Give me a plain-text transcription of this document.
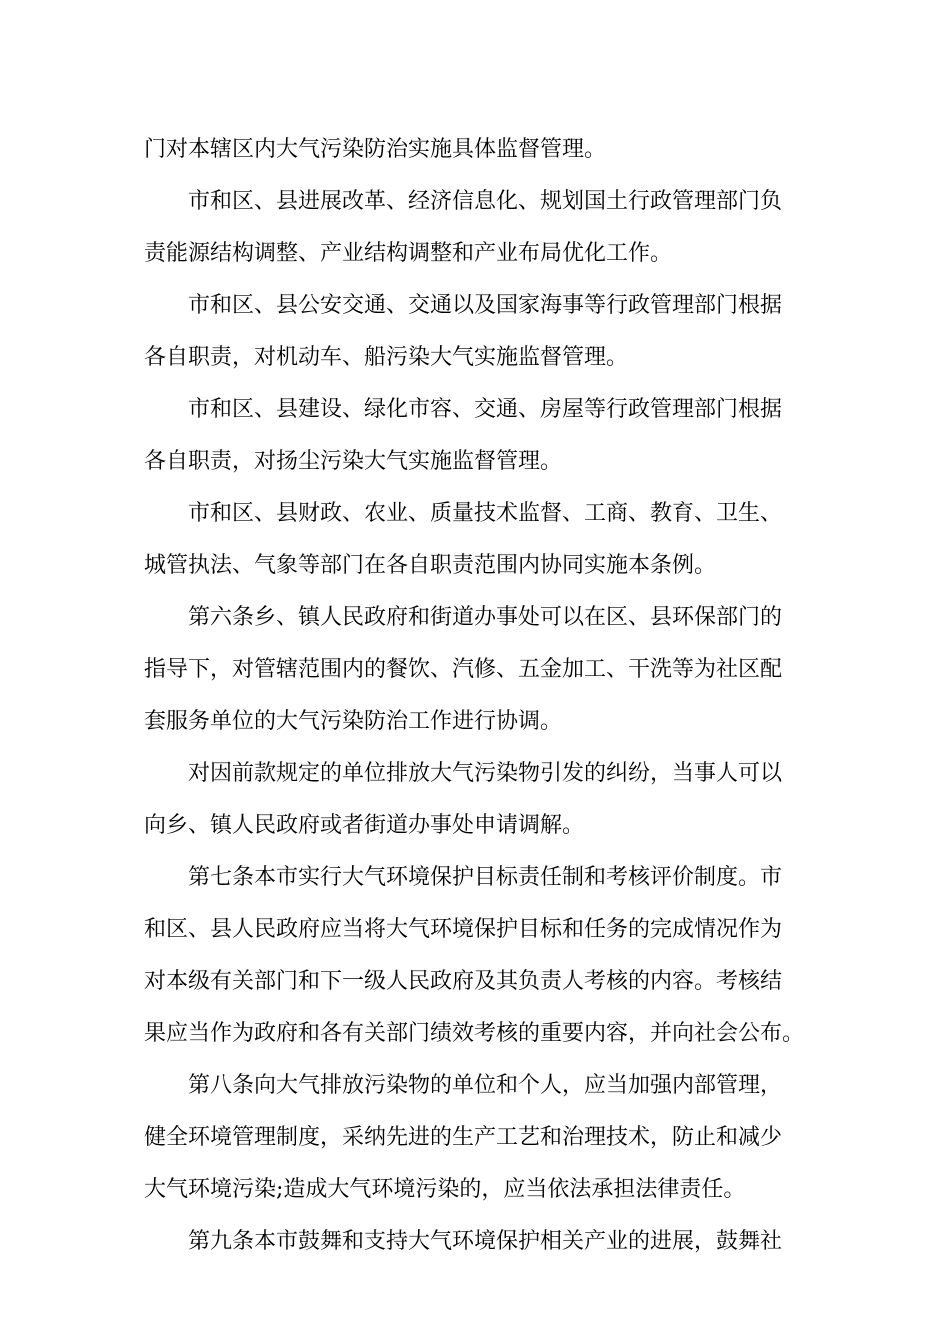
门对本辖区内大气污染防治实施具体监督管理。
市和区、县进展改革、经济信息化、规划国土行政管理部门负
责能源结构调整、产业结构调整和产业布局优化工作。
市和区、县公安交通、交通以及国家海事等行政管理部门根据
各自职责，对机动车、船污染大气实施监督管理。
市和区、县建设、绿化市容、交通、房屋等行政管理部门根据
各自职责，对扬尘污染大气实施监督管理。
市和区、县财政、农业、质量技术监督、工商、教育、卫生、
城管执法、气象等部门在各自职责范围内协同实施本条例。
第六条乡、镇人民政府和街道办事处可以在区、县环保部门的
指导下，对管辖范围内的餐饮、汽修、五金加工、干洗等为社区配
套服务单位的大气污染防治工作进行协调。
对因前款规定的单位排放大气污染物引发的纠纷，当事人可以
向乡、镇人民政府或者街道办事处申请调解。
第七条本市实行大气环境保护目标责任制和考核评价制度。市
和区、县人民政府应当将大气环境保护目标和任务的完成情况作为
对本级有关部门和下一级人民政府及其负责人考核的内容。考核结
果应当作为政府和各有关部门绩效考核的重要内容，并向社会公布。
第八条向大气排放污染物的单位和个人，应当加强内部管理，
健全环境管理制度，采纳先进的生产工艺和治理技术，防止和减少
大气环境污染;造成大气环境污染的，应当依法承担法律责任。
第九条本市鼓舞和支持大气环境保护相关产业的进展，鼓舞社
